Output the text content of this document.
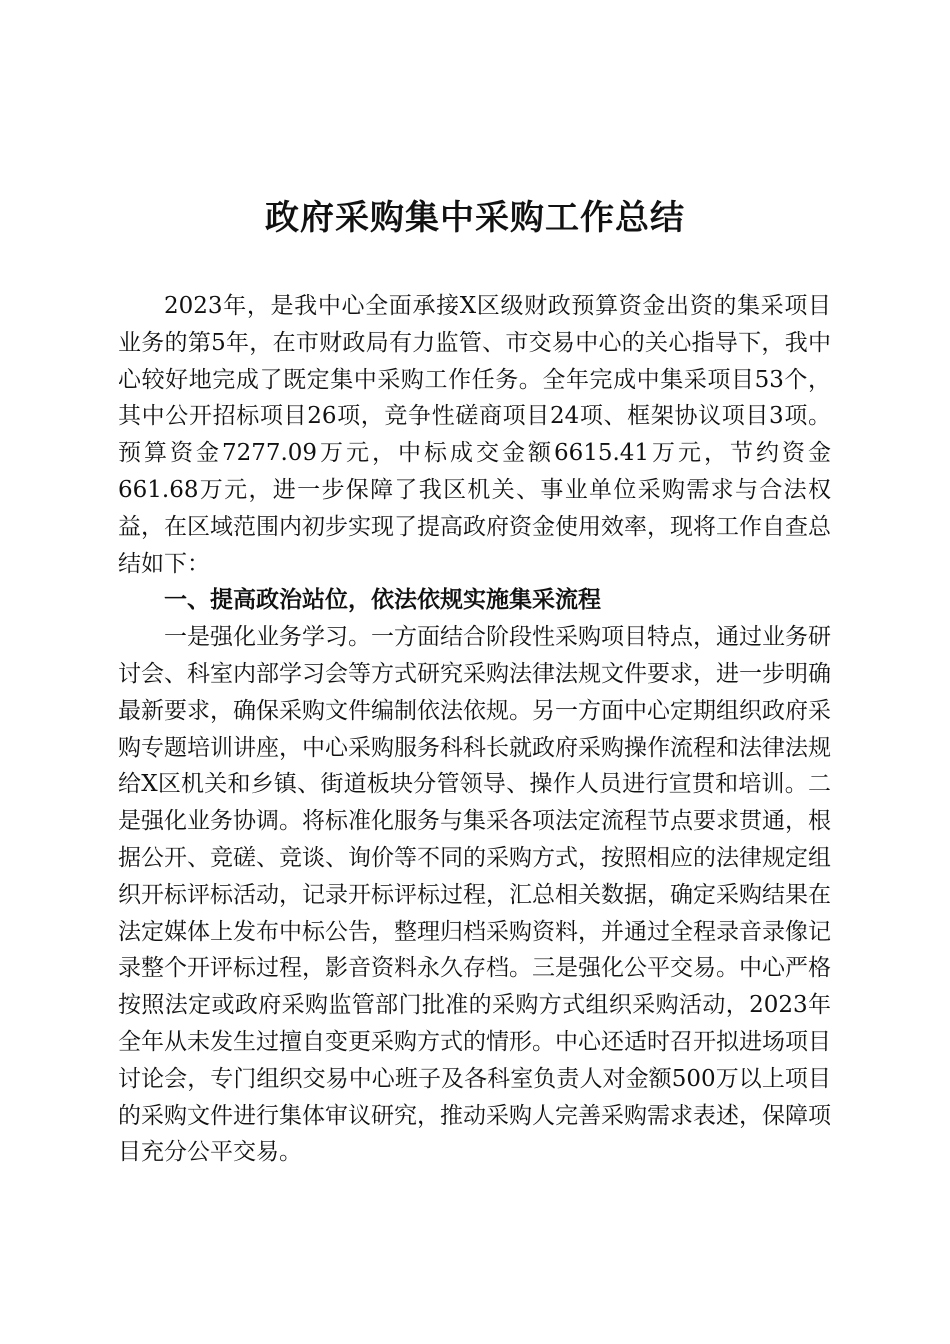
政府采购集中采购工作总结

2023年，是我中心全面承接X区级财政预算资金出资的集采项目业务的第5年，在市财政局有力监管、市交易中心的关心指导下，我中心较好地完成了既定集中采购工作任务。全年完成中集采项目53个，其中公开招标项目26项，竞争性磋商项目24项、框架协议项目3项。预算资金7277.09万元，中标成交金额6615.41万元，节约资金661.68万元，进一步保障了我区机关、事业单位采购需求与合法权益，在区域范围内初步实现了提高政府资金使用效率，现将工作自查总结如下：

一、提高政治站位，依法依规实施集采流程

一是强化业务学习。一方面结合阶段性采购项目特点，通过业务研讨会、科室内部学习会等方式研究采购法律法规文件要求，进一步明确最新要求，确保采购文件编制依法依规。另一方面中心定期组织政府采购专题培训讲座，中心采购服务科科长就政府采购操作流程和法律法规给X区机关和乡镇、街道板块分管领导、操作人员进行宣贯和培训。二是强化业务协调。将标准化服务与集采各项法定流程节点要求贯通，根据公开、竞磋、竞谈、询价等不同的采购方式，按照相应的法律规定组织开标评标活动，记录开标评标过程，汇总相关数据，确定采购结果在法定媒体上发布中标公告，整理归档采购资料，并通过全程录音录像记录整个开评标过程，影音资料永久存档。三是强化公平交易。中心严格按照法定或政府采购监管部门批准的采购方式组织采购活动，2023年全年从未发生过擅自变更采购方式的情形。中心还适时召开拟进场项目讨论会，专门组织交易中心班子及各科室负责人对金额500万以上项目的采购文件进行集体审议研究，推动采购人完善采购需求表述，保障项目充分公平交易。
